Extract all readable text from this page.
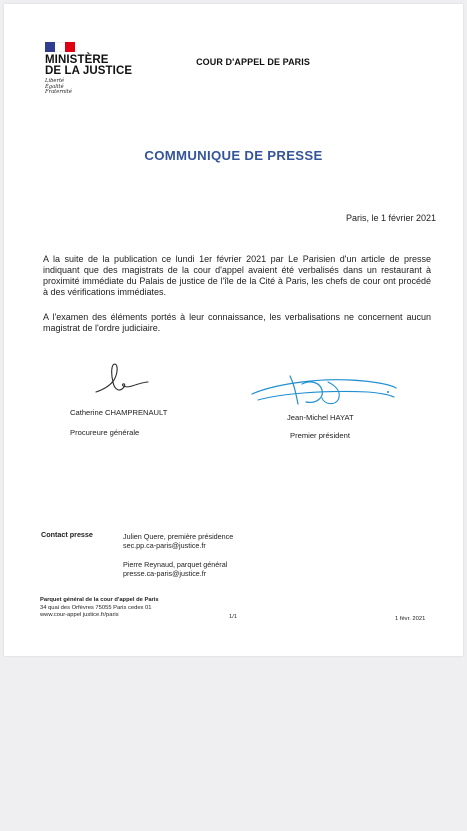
MINISTÈRE
DE LA JUSTICE
Liberté
Égalité
Fraternité
COUR D'APPEL DE PARIS
COMMUNIQUE DE PRESSE
Paris, le 1 février 2021
A la suite de la publication ce lundi 1er février 2021 par Le Parisien d'un article de presse indiquant que des magistrats de la cour d'appel avaient été verbalisés dans un restaurant à proximité immédiate du Palais de justice de l'île de la Cité à Paris, les chefs de cour ont procédé à des vérifications immédiates.
A l'examen des éléments portés à leur connaissance, les verbalisations ne concernent aucun magistrat de l'ordre judiciaire.
Catherine CHAMPRENAULT
Procureure générale
Jean-Michel HAYAT
Premier président
Contact presse	Julien Quere, première présidence
sec.pp.ca-paris@justice.fr
Pierre Reynaud, parquet général
presse.ca-paris@justice.fr
Parquet général de la cour d'appel de Paris
34 quai des Orfèvres 75055 Paris cedex 01
www.cour-appel justice.fr/paris	1/1	1 févr. 2021
